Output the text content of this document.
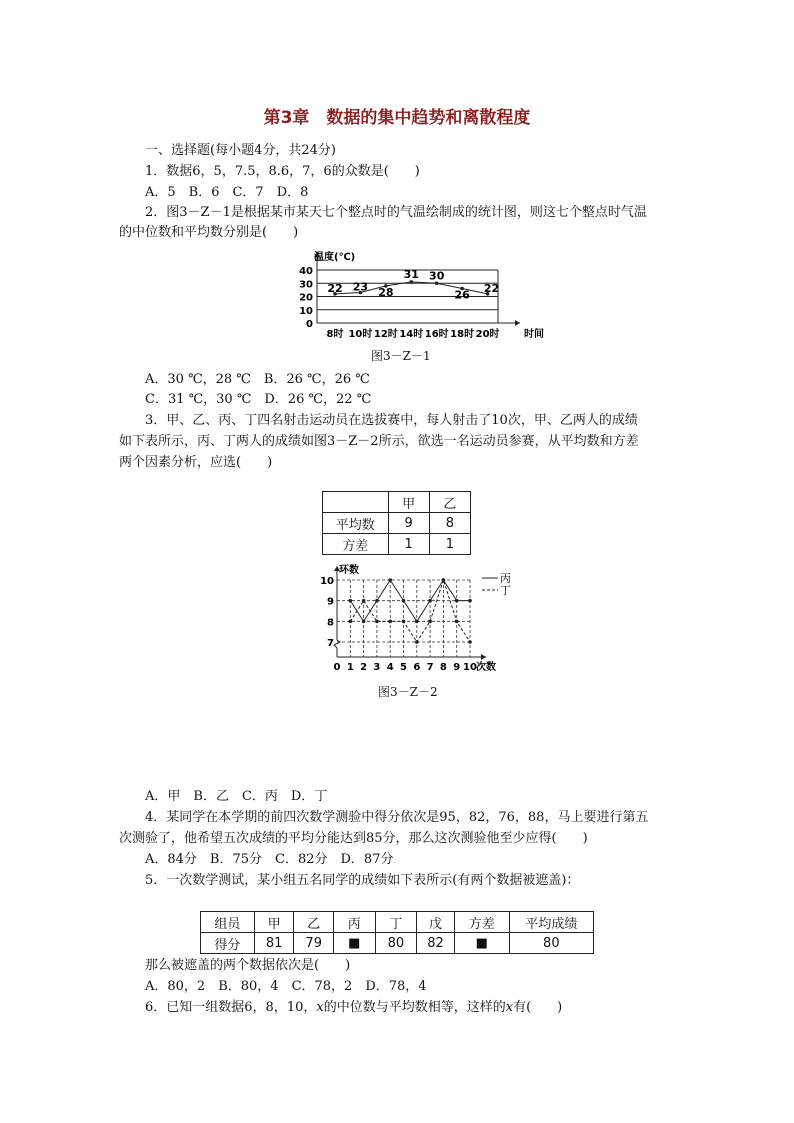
第3章　数据的集中趋势和离散程度
一、选择题(每小题4分，共24分)
1．数据6，5，7.5，8.6，7，6的众数是(　　)
A．5　B．6　C．7　D．8
2．图3－Z－1是根据某市某天七个整点时的气温绘制成的统计图，则这七个整点时气温
的中位数和平均数分别是(　　)
0
10
20
30
40
温度(℃)
8时 10时 12时 14时 16时 18时 20时 时间
22 23 28
31 30
26
22
图3－Z－1
A．30 ℃，28 ℃　B．26 ℃，26 ℃
C．31 ℃，30 ℃　D．26 ℃，22 ℃
3．甲、乙、丙、丁四名射击运动员在选拔赛中，每人射击了10次，甲、乙两人的成绩
如下表所示，丙、丁两人的成绩如图3－Z－2所示，欲选一名运动员参赛，从平均数和方差
两个因素分析，应选(　　)
	甲	乙
平均数	9	8
方差	1	1
7
8
9
10
0 1 2 3 4 5 6 7 8 9 10
环数
次数
丙
丁
图3－Z－2
A．甲　B．乙　C．丙　D．丁
4．某同学在本学期的前四次数学测验中得分依次是95，82，76，88，马上要进行第五
次测验了，他希望五次成绩的平均分能达到85分，那么这次测验他至少应得(　　)
A．84分　B．75分　C．82分　D．87分
5．一次数学测试，某小组五名同学的成绩如下表所示(有两个数据被遮盖)：
组员	甲	乙	丙	丁	戊	方差	平均成绩
得分	81	79	■	80	82	■	80
那么被遮盖的两个数据依次是(　　)
A．80，2　B．80，4　C．78，2　D．78，4
6．已知一组数据6，8，10，x的中位数与平均数相等，这样的x有(　　)
